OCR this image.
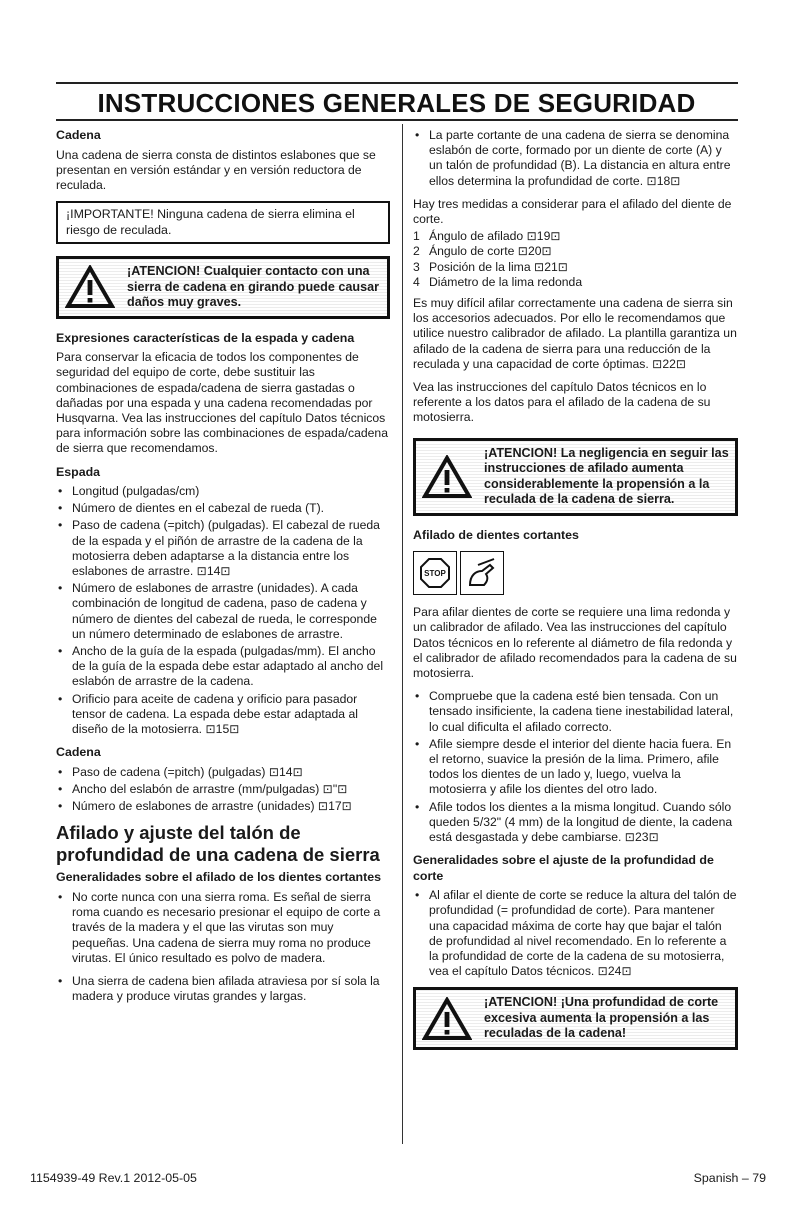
INSTRUCCIONES GENERALES DE SEGURIDAD
Cadena

Una cadena de sierra consta de distintos eslabones que se presentan en versión estándar y en versión reductora de reculada.

¡IMPORTANTE! Ninguna cadena de sierra elimina el riesgo de reculada.
¡ATENCION! Cualquier contacto con una sierra de cadena en girando puede causar daños muy graves.
Expresiones características de la espada y cadena

Para conservar la eficacia de todos los componentes de seguridad del equipo de corte, debe sustituir las combinaciones de espada/cadena de sierra gastadas o dañadas por una espada y una cadena recomendadas por Husqvarna. Vea las instrucciones del capítulo Datos técnicos para información sobre las combinaciones de espada/cadena de sierra que recomendamos.

Espada
• Longitud (pulgadas/cm)
• Número de dientes en el cabezal de rueda (T).
• Paso de cadena (=pitch) (pulgadas). El cabezal de rueda de la espada y el piñón de arrastre de la cadena de la motosierra deben adaptarse a la distancia entre los eslabones de arrastre. ⊡14⊡
• Número de eslabones de arrastre (unidades). A cada combinación de longitud de cadena, paso de cadena y número de dientes del cabezal de rueda, le corresponde un número determinado de eslabones de arrastre.
• Ancho de la guía de la espada (pulgadas/mm). El ancho de la guía de la espada debe estar adaptado al ancho del eslabón de arrastre de la cadena.
• Orificio para aceite de cadena y orificio para pasador tensor de cadena. La espada debe estar adaptada al diseño de la motosierra. ⊡15⊡
Cadena
• Paso de cadena (=pitch) (pulgadas) ⊡14⊡
• Ancho del eslabón de arrastre (mm/pulgadas) ⊡"⊡
• Número de eslabones de arrastre (unidades) ⊡17⊡
Afilado y ajuste del talón de profundidad de una cadena de sierra
Generalidades sobre el afilado de los dientes cortantes
• No corte nunca con una sierra roma. Es señal de sierra roma cuando es necesario presionar el equipo de corte a través de la madera y el que las virutas son muy pequeñas. Una cadena de sierra muy roma no produce virutas. El único resultado es polvo de madera.
• Una sierra de cadena bien afilada atraviesa por sí sola la madera y produce virutas grandes y largas.
• La parte cortante de una cadena de sierra se denomina eslabón de corte, formado por un diente de corte (A) y un talón de profundidad (B). La distancia en altura entre ellos determina la profundidad de corte. ⊡18⊡

Hay tres medidas a considerar para el afilado del diente de corte.

1 Ángulo de afilado ⊡19⊡
2 Ángulo de corte ⊡20⊡
3 Posición de la lima ⊡21⊡
4 Diámetro de la lima redonda

Es muy difícil afilar correctamente una cadena de sierra sin los accesorios adecuados. Por ello le recomendamos que utilice nuestro calibrador de afilado. La plantilla garantiza un afilado de la cadena de sierra para una reducción de la reculada y una capacidad de corte óptimas. ⊡22⊡

Vea las instrucciones del capítulo Datos técnicos en lo referente a los datos para el afilado de la cadena de su motosierra.

¡ATENCION! La negligencia en seguir las instrucciones de afilado aumenta considerablemente la propensión a la reculada de la cadena de sierra.
Afilado de dientes cortantes
STOP

Para afilar dientes de corte se requiere una lima redonda y un calibrador de afilado. Vea las instrucciones del capítulo Datos técnicos en lo referente al diámetro de fila redonda y el calibrador de afilado recomendados para la cadena de su motosierra.

• Compruebe que la cadena esté bien tensada. Con un tensado insificiente, la cadena tiene inestabilidad lateral, lo cual dificulta el afilado correcto.
• Afile siempre desde el interior del diente hacia fuera. En el retorno, suavice la presión de la lima. Primero, afile todos los dientes de un lado y, luego, vuelva la motosierra y afile los dientes del otro lado.
• Afile todos los dientes a la misma longitud. Cuando sólo queden 5/32" (4 mm) de la longitud de diente, la cadena está desgastada y debe cambiarse. ⊡23⊡
Generalidades sobre el ajuste de la profundidad de corte
• Al afilar el diente de corte se reduce la altura del talón de profundidad (= profundidad de corte). Para mantener una capacidad máxima de corte hay que bajar el talón de profundidad al nivel recomendado. En lo referente a la profundidad de corte de la cadena de su motosierra, vea el capítulo Datos técnicos. ⊡24⊡
¡ATENCION! ¡Una profundidad de corte excesiva aumenta la propensión a las reculadas de la cadena!
1154939-49 Rev.1 2012-05-05	Spanish – 79
